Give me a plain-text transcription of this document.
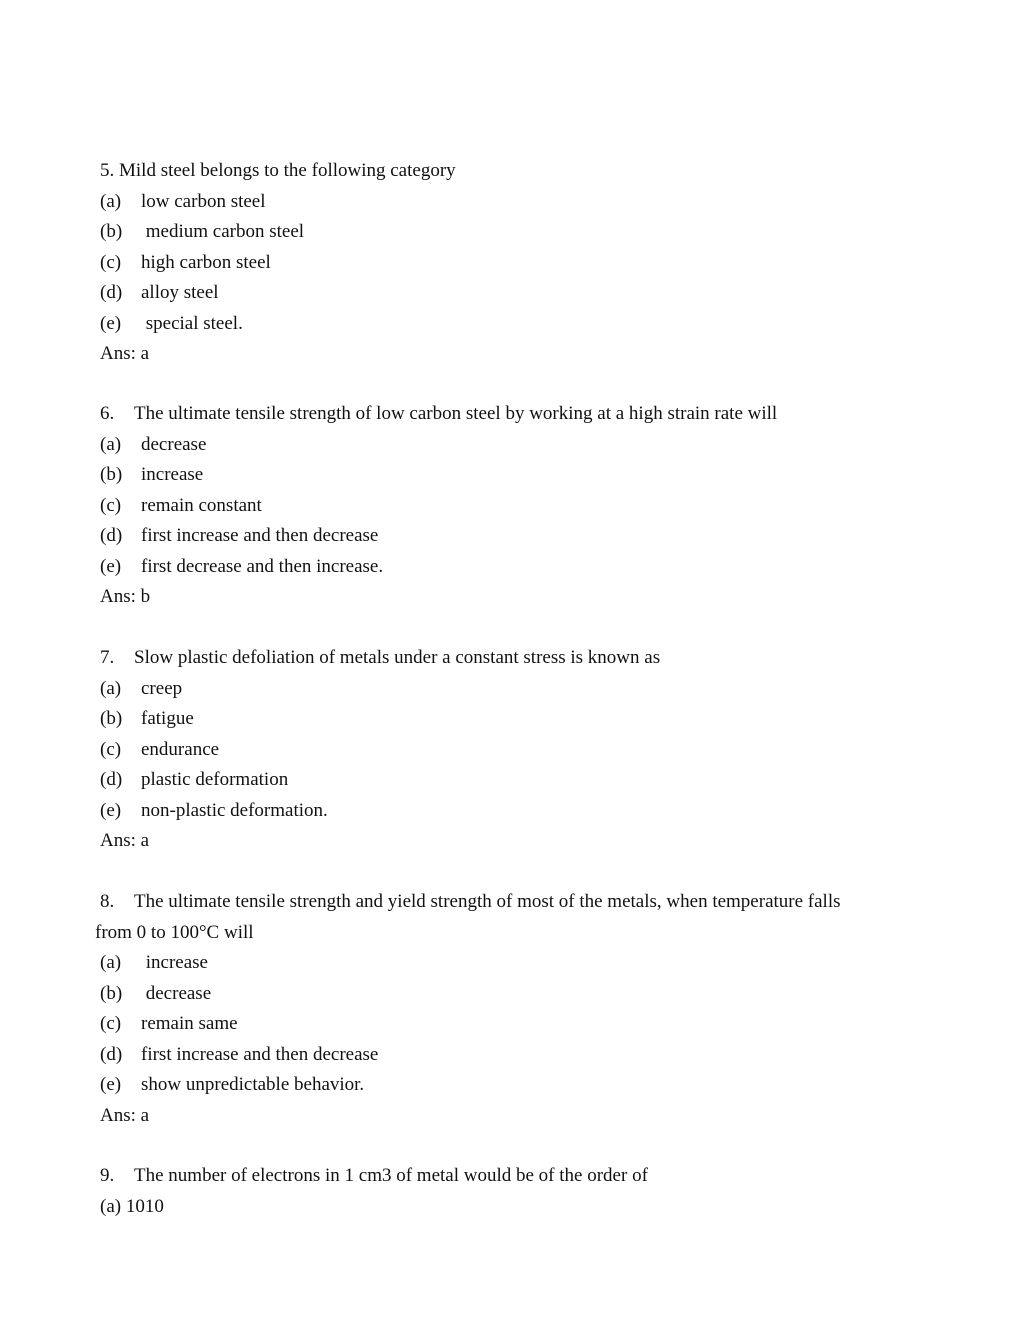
5. Mild steel belongs to the following category
(a) low carbon steel
(b) medium carbon steel
(c) high carbon steel
(d) alloy steel
(e) special steel.
Ans: a
6. The ultimate tensile strength of low carbon steel by working at a high strain rate will
(a) decrease
(b) increase
(c) remain constant
(d) first increase and then decrease
(e) first decrease and then increase.
Ans: b
7. Slow plastic defoliation of metals under a constant stress is known as
(a) creep
(b) fatigue
(c) endurance
(d) plastic deformation
(e) non-plastic deformation.
Ans: a
8. The ultimate tensile strength and yield strength of most of the metals, when temperature falls
from 0 to 100°C will
(a) increase
(b) decrease
(c) remain same
(d) first increase and then decrease
(e) show unpredictable behavior.
Ans: a
9. The number of electrons in 1 cm3 of metal would be of the order of
(a) 1010
